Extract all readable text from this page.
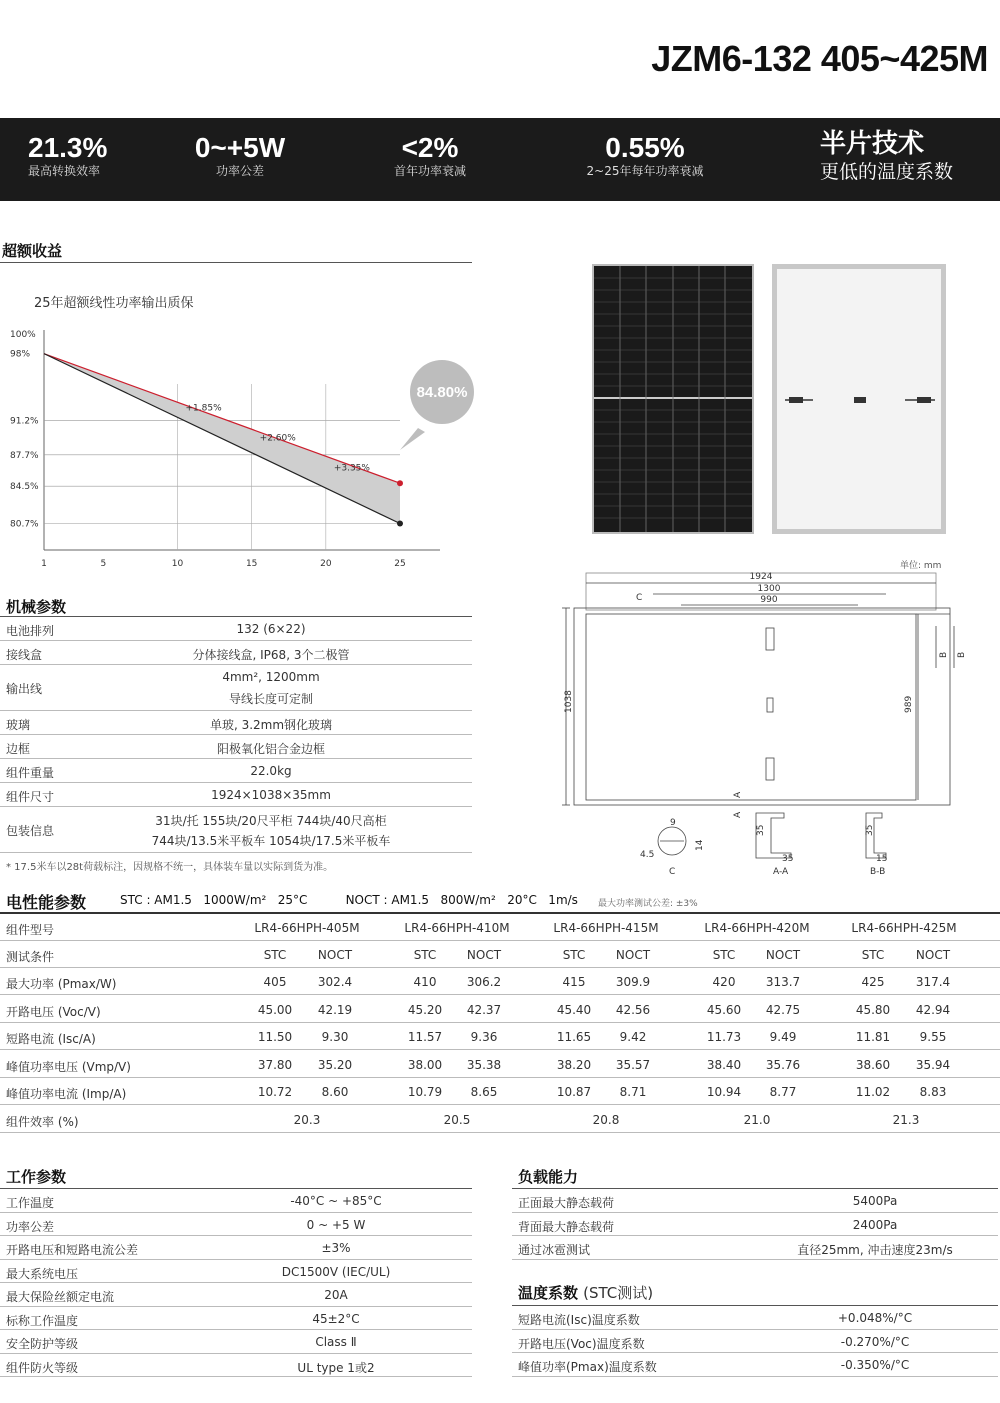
JZM6-132 405~425M
21.3%
最高转换效率
0~+5W
功率公差
<2%
首年功率衰减
0.55%
2~25年每年功率衰减
半片技术
更低的温度系数
超额收益
25年超额线性功率输出质保
100%
98%
91.2%
87.7%
84.5%
80.7%
1	5	10	15	20	25
+1.85%
+2.60%
+3.35%
84.80%
单位: mm
1924
1300
990
C
1038	989
B B
A
A
9
14
4.5
C
35
35
A-A
35
15
B-B
机械参数
电池排列	132 (6×22)
接线盒	分体接线盒, IP68, 3个二极管
输出线
4mm², 1200mm
导线长度可定制
玻璃	单玻, 3.2mm钢化玻璃
边框	阳极氧化铝合金边框
组件重量	22.0kg
组件尺寸	1924×1038×35mm
包装信息
31块/托 155块/20尺平柜 744块/40尺高柜
744块/13.5米平板车 1054块/17.5米平板车
* 17.5米车以28t荷载标注，因规格不统一，具体装车量以实际到货为准。
电性能参数	STC : AM1.5   1000W/m²   25°C          NOCT : AM1.5   800W/m²   20°C   1m/s 最大功率测试公差: ±3%
组件型号	LR4-66HPH-405M	LR4-66HPH-410M	LR4-66HPH-415M	LR4-66HPH-420M	LR4-66HPH-425M
测试条件	STC	NOCT	STC	NOCT	STC	NOCT	STC	NOCT	STC	NOCT
最大功率 (Pmax/W)	405	302.4	410	306.2	415	309.9	420	313.7	425	317.4
开路电压 (Voc/V)	45.00	42.19	45.20	42.37	45.40	42.56	45.60	42.75	45.80	42.94
短路电流 (Isc/A)	11.50	9.30	11.57	9.36	11.65	9.42	11.73	9.49	11.81	9.55
峰值功率电压 (Vmp/V)	37.80	35.20	38.00	35.38	38.20	35.57	38.40	35.76	38.60	35.94
峰值功率电流 (Imp/A)	10.72	8.60	10.79	8.65	10.87	8.71	10.94	8.77	11.02	8.83
组件效率 (%)	20.3	20.5	20.8	21.0	21.3
工作参数
工作温度	-40°C ~ +85°C
功率公差	0 ~ +5 W
开路电压和短路电流公差	±3%
最大系统电压	DC1500V (IEC/UL)
最大保险丝额定电流	20A
标称工作温度	45±2°C
安全防护等级	Class Ⅱ
组件防火等级	UL type 1或2
负载能力
正面最大静态载荷	5400Pa
背面最大静态载荷	2400Pa
通过冰雹测试	直径25mm, 冲击速度23m/s
温度系数 (STC测试)
短路电流(Isc)温度系数	+0.048%/°C
开路电压(Voc)温度系数	-0.270%/°C
峰值功率(Pmax)温度系数	-0.350%/°C
